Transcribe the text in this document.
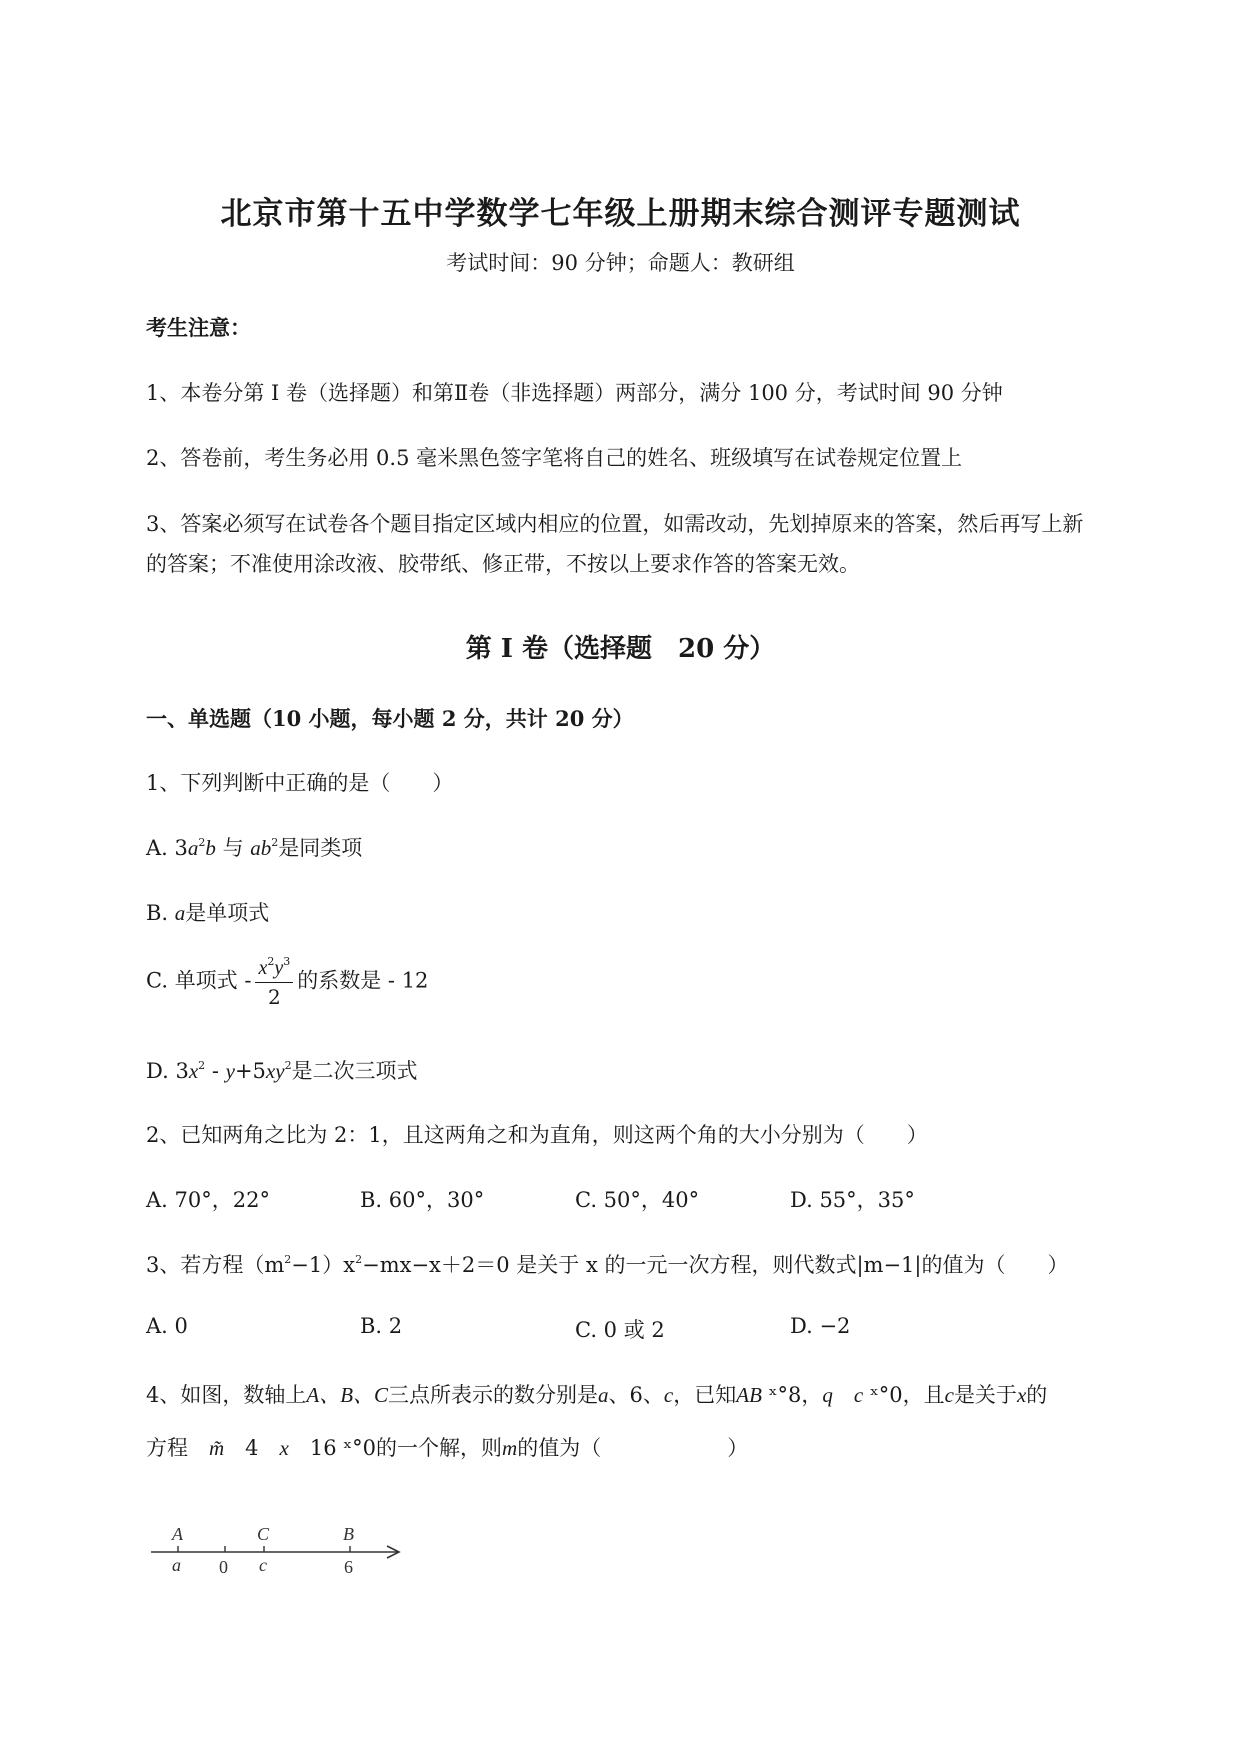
北京市第十五中学数学七年级上册期末综合测评专题测试
考试时间：90 分钟；命题人：教研组
考生注意：
1、本卷分第 I 卷（选择题）和第Ⅱ卷（非选择题）两部分，满分 100 分，考试时间 90 分钟
2、答卷前，考生务必用 0.5 毫米黑色签字笔将自己的姓名、班级填写在试卷规定位置上
3、答案必须写在试卷各个题目指定区域内相应的位置，如需改动，先划掉原来的答案，然后再写上新
的答案；不准使用涂改液、胶带纸、修正带，不按以上要求作答的答案无效。
第 I 卷（选择题　20 分）
一、单选题（10 小题，每小题 2 分，共计 20 分）
1、下列判断中正确的是（　　）
A. $3a^2b$ 与 $ab^2$是同类项
B. a是单项式
C. 单项式 - $\frac{x^2y^3}{2}$ 的系数是 - 12
D. $3x^2 - y+5xy^2$是二次三项式
2、已知两角之比为 2：1，且这两角之和为直角，则这两个角的大小分别为（　　）
A. 70°，22°	B. 60°，30°	C. 50°，40°	D. 55°，35°
3、若方程$(m^2-1)x^2-mx-x+2=0$ 是关于 x 的一元一次方程，则代数式|m−1|的值为（　　）
A. 0	B. 2	C. 0 或 2	D. −2
4、如图，数轴上A、B、C三点所表示的数分别是a、6、c，已知AB ˣ°8，q　 c ˣ°0，且c是关于x的
方程　 m̃　4　 x　16 ˣ°0的一个解，则m的值为（　　　　　　）
A	C	B
a 0 c	6
